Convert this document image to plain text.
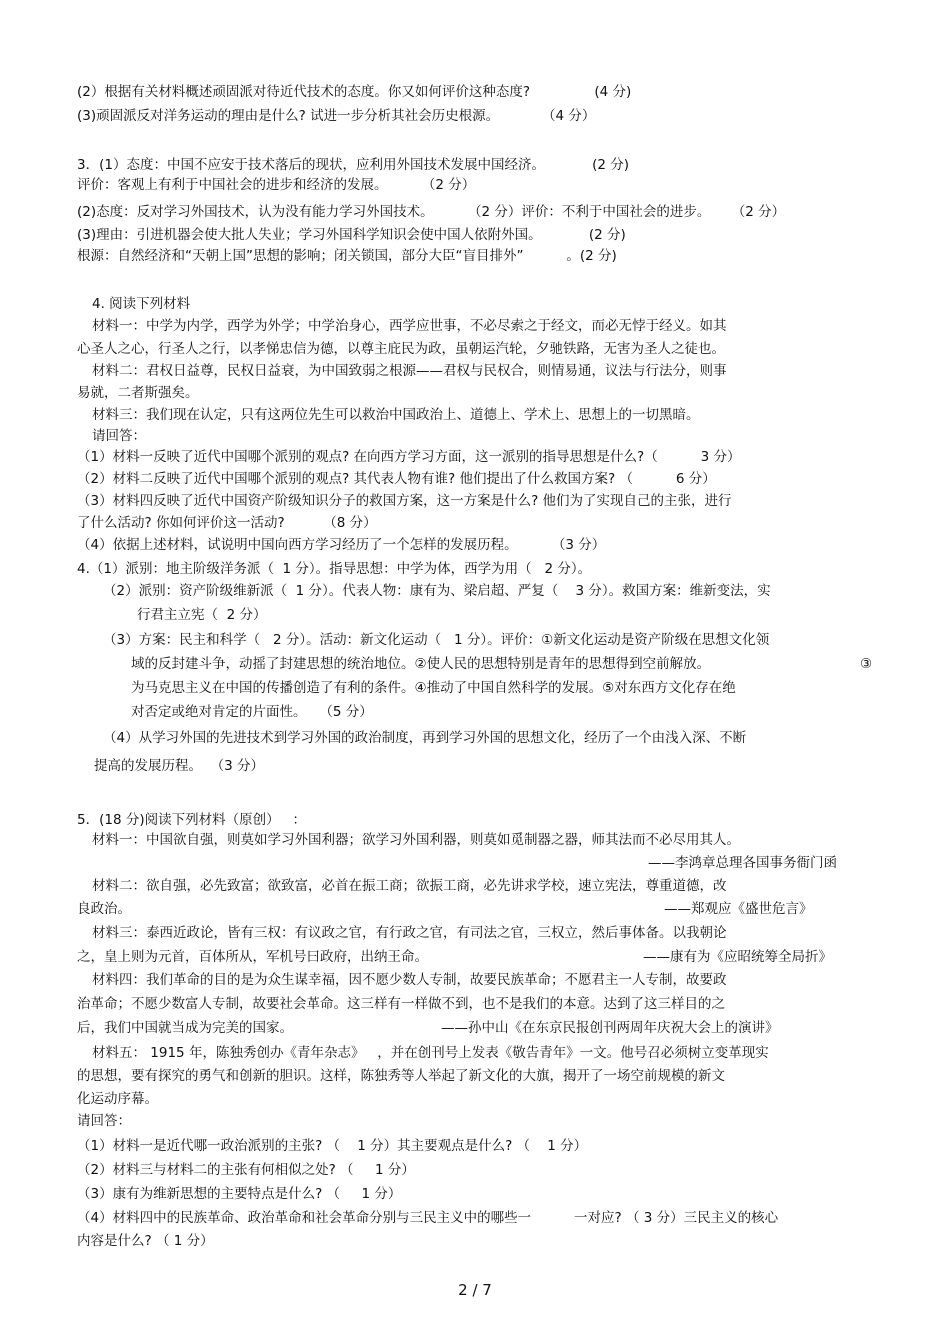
(2）根据有关材料概述顽固派对待近代技术的态度。你又如何评价这种态度?               (4 分)
(3)顽固派反对洋务运动的理由是什么? 试进一步分析其社会历史根源。          （4 分）
3．(1）态度：中国不应安于技术落后的现状，应利用外国技术发展中国经济。           (2 分)
评价：客观上有利于中国社会的进步和经济的发展。        （2 分）
(2)态度：反对学习外国技术，认为没有能力学习外国技术。        （2 分）评价：不利于中国社会的进步。     （2 分）
(3)理由：引进机器会使大批人失业；学习外国科学知识会使中国人依附外国。           (2 分)
根源：自然经济和“天朝上国”思想的影响；闭关锁国，部分大臣“盲目排外”          。(2 分)
4. 阅读下列材料
材料一：中学为内学，西学为外学；中学治身心，西学应世事，不必尽索之于经文，而必无悖于经义。如其
心圣人之心，行圣人之行，以孝悌忠信为德，以尊主庇民为政，虽朝运汽轮，夕驰铁路，无害为圣人之徒也。
材料二：君权日益尊，民权日益衰，为中国致弱之根源——君权与民权合，则情易通，议法与行法分，则事
易就，二者斯强矣。
材料三：我们现在认定，只有这两位先生可以救治中国政治上、道德上、学术上、思想上的一切黑暗。
请回答：
（1）材料一反映了近代中国哪个派别的观点? 在向西方学习方面，这一派别的指导思想是什么?（          3 分）
（2）材料二反映了近代中国哪个派别的观点? 其代表人物有谁? 他们提出了什么救国方案? （          6 分）
（3）材料四反映了近代中国资产阶级知识分子的救国方案，这一方案是什么? 他们为了实现自己的主张，进行
了什么活动? 你如何评价这一活动?         （8 分）
（4）依据上述材料，试说明中国向西方学习经历了一个怎样的发展历程。        （3 分）
4.（1）派别：地主阶级洋务派（  1 分）。指导思想：中学为体，西学为用（   2 分）。
（2）派别：资产阶级维新派（  1 分）。代表人物：康有为、梁启超、严复（    3 分）。救国方案：维新变法，实
行君主立宪（  2 分）
（3）方案：民主和科学（   2 分）。活动：新文化运动（   1 分）。评价：①新文化运动是资产阶级在思想文化领
域的反封建斗争，动摇了封建思想的统治地位。②使人民的思想特别是青年的思想得到空前解放。	③
为马克思主义在中国的传播创造了有利的条件。④推动了中国自然科学的发展。⑤对东西方文化存在绝
对否定或绝对肯定的片面性。   （5 分）
（4）从学习外国的先进技术到学习外国的政治制度，再到学习外国的思想文化，经历了一个由浅入深、不断
提高的发展历程。  （3 分）
5．(18 分)阅读下列材料（原创）   ：
材料一：中国欲自强，则莫如学习外国利器；欲学习外国利器，则莫如觅制器之器，师其法而不必尽用其人。
——李鸿章总理各国事务衙门函
材料二：欲自强，必先致富；欲致富，必首在振工商；欲振工商，必先讲求学校，速立宪法，尊重道德，改
良政治。	——郑观应《盛世危言》
材料三：泰西近政论，皆有三权：有议政之官，有行政之官，有司法之官，三权立，然后事体备。以我朝论
之，皇上则为元首，百体所从，军机号曰政府，出纳王命。	——康有为《应昭统筹全局折》
材料四：我们革命的目的是为众生谋幸福，因不愿少数人专制，故要民族革命；不愿君主一人专制，故要政
治革命；不愿少数富人专制，故要社会革命。这三样有一样做不到，也不是我们的本意。达到了这三样目的之
后，我们中国就当成为完美的国家。	——孙中山《在东京民报创刊两周年庆祝大会上的演讲》
材料五： 1915 年，陈独秀创办《青年杂志》   ，并在创刊号上发表《敬告青年》一文。他号召必须树立变革现实
的思想，要有探究的勇气和创新的胆识。这样，陈独秀等人举起了新文化的大旗，揭开了一场空前规模的新文
化运动序幕。
请回答：
（1）材料一是近代哪一政治派别的主张? （    1 分）其主要观点是什么? （    1 分）
（2）材料三与材料二的主张有何相似之处? （     1 分）
（3）康有为维新思想的主要特点是什么? （     1 分）
（4）材料四中的民族革命、政治革命和社会革命分别与三民主义中的哪些一          一对应? （ 3 分）三民主义的核心
内容是什么? （ 1 分）
2 / 7
